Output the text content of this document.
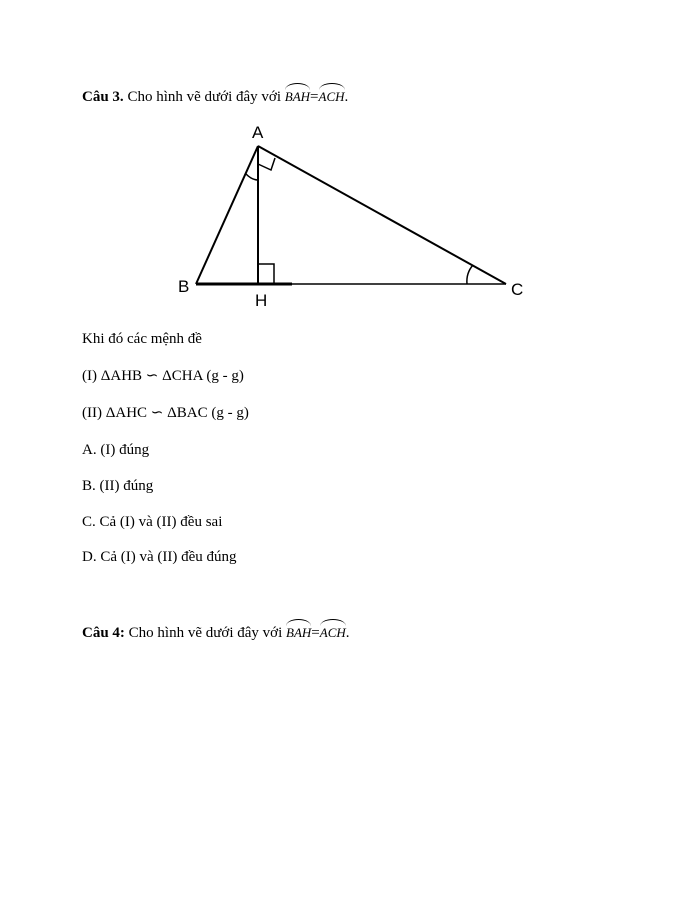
Câu 3. Cho hình vẽ dưới đây với BAH=ACH.
A
B	C
H
Khi đó các mệnh đề
(I) ΔAHB ∽ ΔCHA (g - g)
(II) ΔAHC ∽ ΔBAC (g - g)
A. (I) đúng
B. (II) đúng
C. Cả (I) và (II) đều sai
D. Cả (I) và (II) đều đúng
Câu 4: Cho hình vẽ dưới đây với BAH=ACH.
